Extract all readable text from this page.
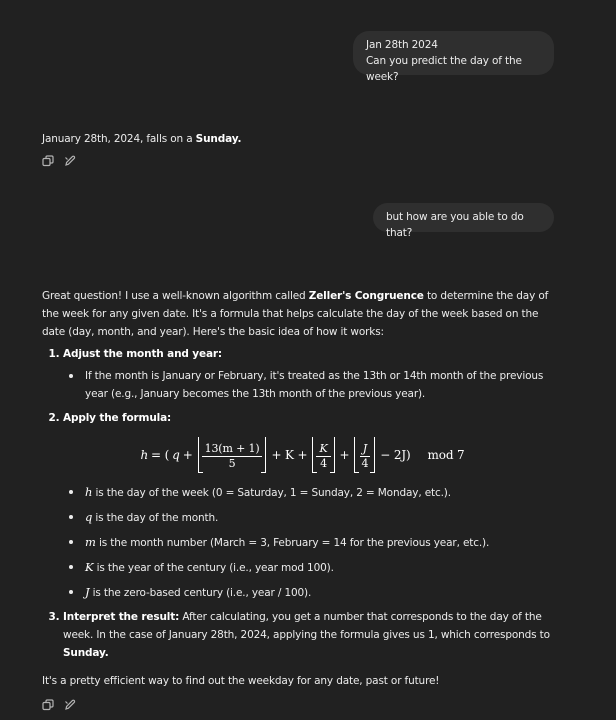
Jan 28th 2024
Can you predict the day of the week?

January 28th, 2024, falls on a Sunday.

but how are you able to do that?

Great question! I use a well-known algorithm called Zeller's Congruence to determine the day of the week for any given date. It's a formula that helps calculate the day of the week based on the date (day, month, and year). Here's the basic idea of how it works:

1. Adjust the month and year:
If the month is January or February, it's treated as the 13th or 14th month of the previous year (e.g., January becomes the 13th month of the previous year).
2. Apply the formula:
h = ( $q + \frac{13(m + 1)}{5} + K + \frac{K}{4} + \frac{J}{4} - 2J$) mod 7
h is the day of the week (0 = Saturday, 1 = Sunday, 2 = Monday, etc.).
q is the day of the month.
m is the month number (March = 3, February = 14 for the previous year, etc.).
K is the year of the century (i.e., year mod 100).
J is the zero-based century (i.e., year / 100).
3. Interpret the result: After calculating, you get a number that corresponds to the day of the week. In the case of January 28th, 2024, applying the formula gives us 1, which corresponds to Sunday.

It's a pretty efficient way to find out the weekday for any date, past or future!
